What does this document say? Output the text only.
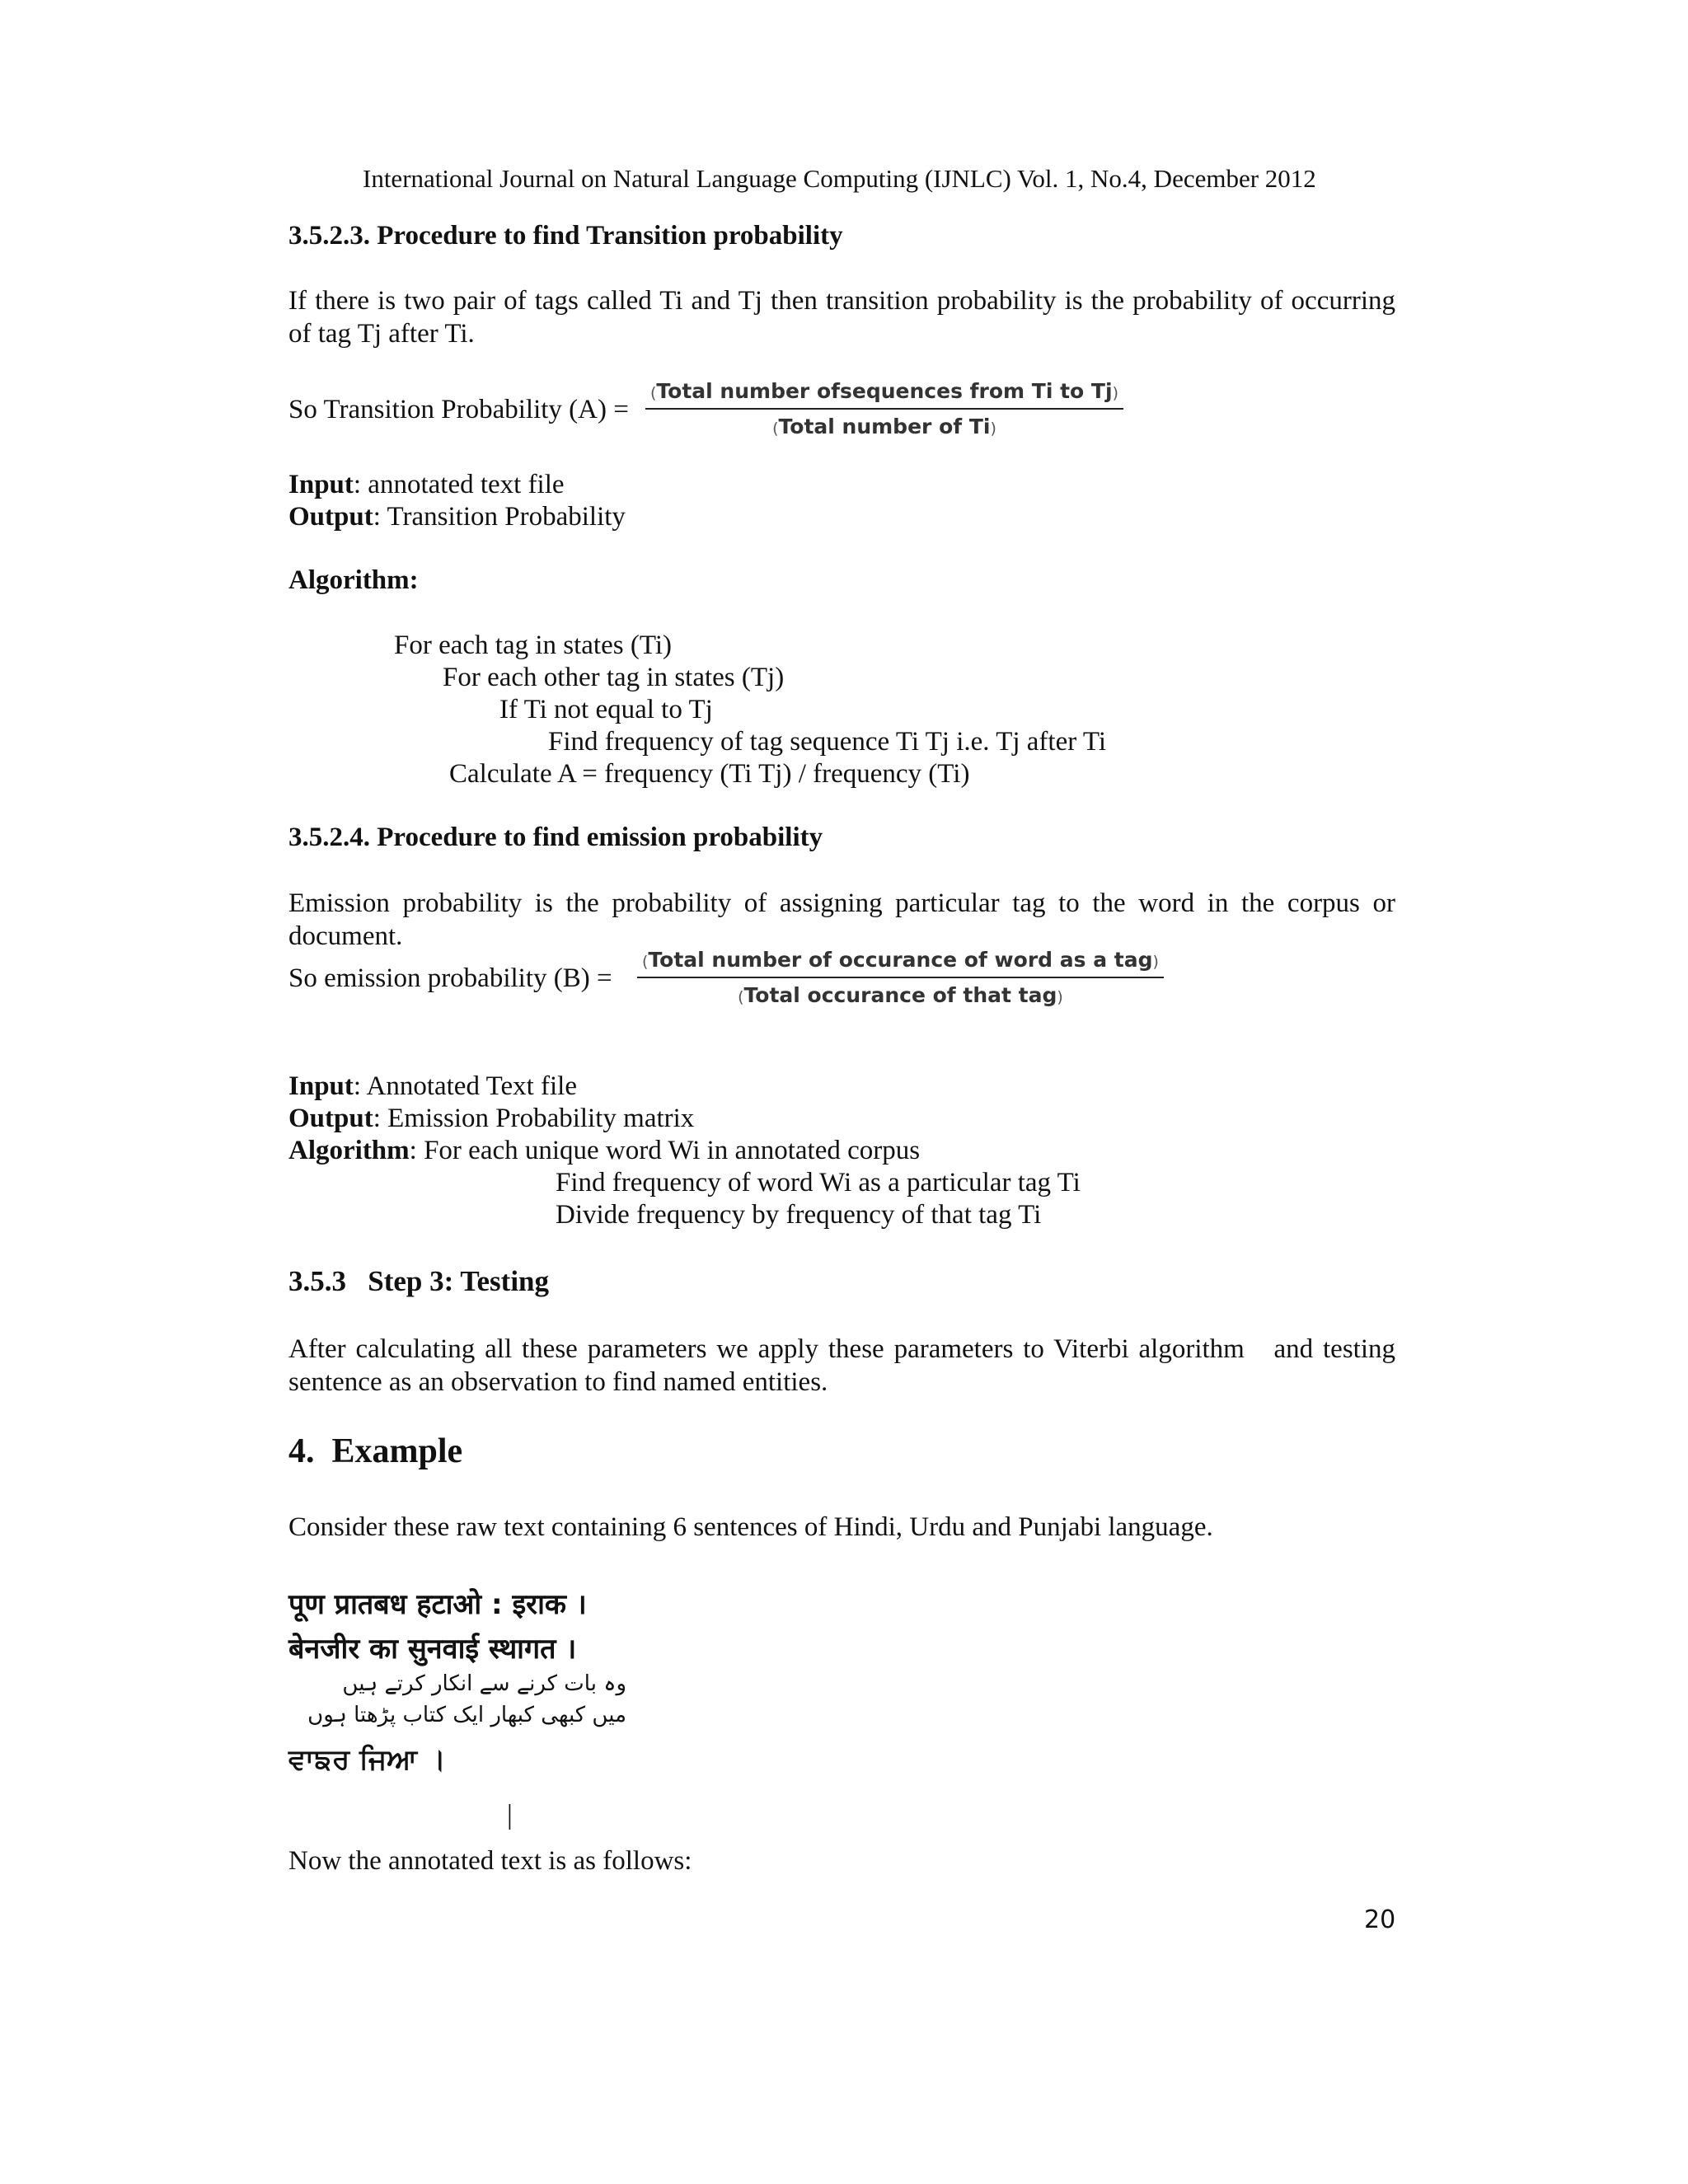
International Journal on Natural Language Computing (IJNLC) Vol. 1, No.4, December 2012
3.5.2.3. Procedure to find Transition probability
If there is two pair of tags called Ti and Tj then transition probability is the probability of occurring of tag Tj after Ti.
So Transition Probability (A) =
(Total number ofsequences from Ti to Tj)
(Total number of Ti)
Input: annotated text file
Output: Transition Probability
Algorithm:
For each tag in states (Ti)
For each other tag in states (Tj)
If Ti not equal to Tj
Find frequency of tag sequence Ti Tj i.e. Tj after Ti
Calculate A = frequency (Ti Tj) / frequency (Ti)
3.5.2.4. Procedure to find emission probability
Emission probability is the probability of assigning particular tag to the word in the corpus or document.
So emission probability (B) =
(Total number of occurance of word as a tag)
(Total occurance of that tag)
Input: Annotated Text file
Output: Emission Probability matrix
Algorithm: For each unique word Wi in annotated corpus
Find frequency of word Wi as a particular tag Ti
Divide frequency by frequency of that tag Ti
3.5.3   Step 3: Testing
After calculating all these parameters we apply these parameters to Viterbi algorithm   and testing sentence as an observation to find named entities.
4.  Example
Consider these raw text containing 6 sentences of Hindi, Urdu and Punjabi language.
पूण प्रातबध हटाओ : इराक ।
बेनजीर का सुनवाई स्थागत ।
وہ بات کرنے سے انکار کرتے ہیں
میں کبھی کبھار ایک کتاب پڑھتا ہوں
ਵਾਙਰ ਜਿਆ ।
|
Now the annotated text is as follows:
20
